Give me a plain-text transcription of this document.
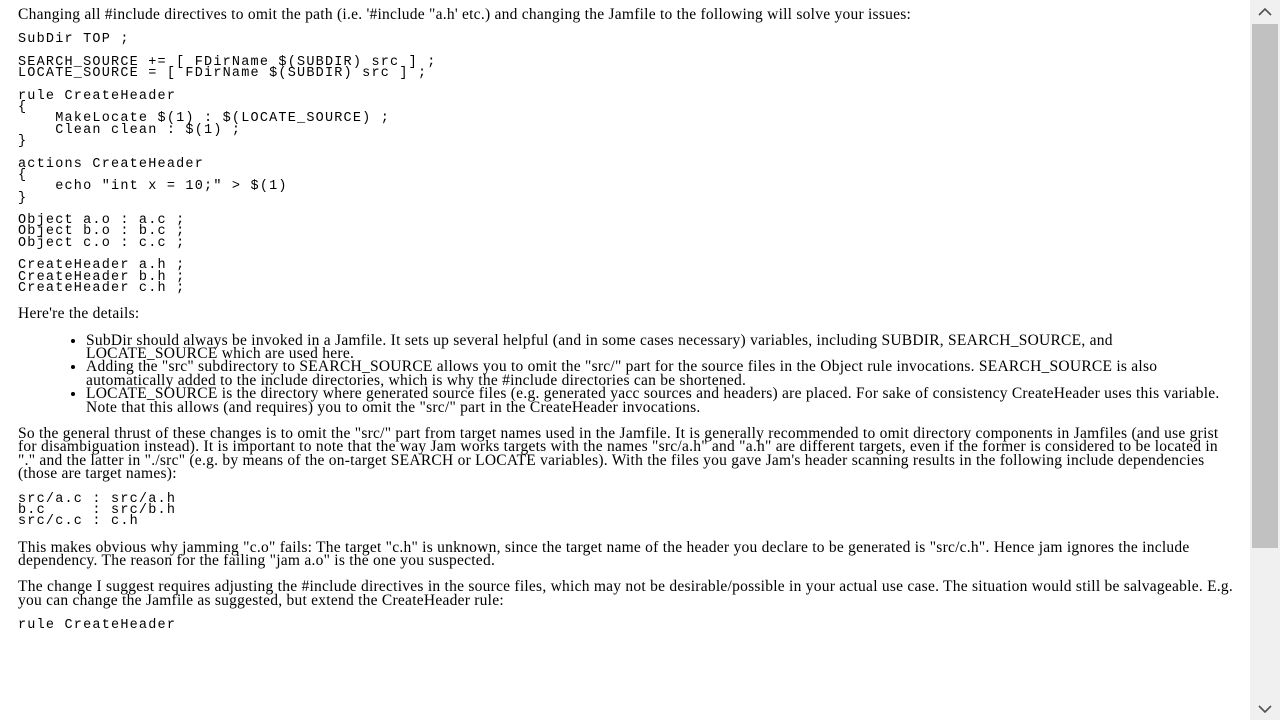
Changing all #include directives to omit the path (i.e. '#include "a.h' etc.) and changing the Jamfile to the following will solve your issues:

SubDir TOP ;

SEARCH_SOURCE += [ FDirName $(SUBDIR) src ] ;
LOCATE_SOURCE = [ FDirName $(SUBDIR) src ] ;

rule CreateHeader
{
MakeLocate $(1) : $(LOCATE_SOURCE) ;
Clean clean : $(1) ;
}

actions CreateHeader
{
echo "int x = 10;" > $(1)
}

Object a.o : a.c ;
Object b.o : b.c ;
Object c.o : c.c ;

CreateHeader a.h ;
CreateHeader b.h ;
CreateHeader c.h ;

Here're the details:

• SubDir should always be invoked in a Jamfile. It sets up several helpful (and in some cases necessary) variables, including SUBDIR, SEARCH_SOURCE, and LOCATE_SOURCE which are used here.
• Adding the "src" subdirectory to SEARCH_SOURCE allows you to omit the "src/" part for the source files in the Object rule invocations. SEARCH_SOURCE is also automatically added to the include directories, which is why the #include directories can be shortened.
• LOCATE_SOURCE is the directory where generated source files (e.g. generated yacc sources and headers) are placed. For sake of consistency CreateHeader uses this variable. Note that this allows (and requires) you to omit the "src/" part in the CreateHeader invocations.

So the general thrust of these changes is to omit the "src/" part from target names used in the Jamfile. It is generally recommended to omit directory components in Jamfiles (and use grist for disambiguation instead). It is important to note that the way Jam works targets with the names "src/a.h" and "a.h" are different targets, even if the former is considered to be located in "." and the latter in "./src" (e.g. by means of the on-target SEARCH or LOCATE variables). With the files you gave Jam's header scanning results in the following include dependencies (those are target names):

src/a.c : src/a.h
b.c     : src/b.h
src/c.c : c.h

This makes obvious why jamming "c.o" fails: The target "c.h" is unknown, since the target name of the header you declare to be generated is "src/c.h". Hence jam ignores the include dependency. The reason for the failing "jam a.o" is the one you suspected.

The change I suggest requires adjusting the #include directives in the source files, which may not be desirable/possible in your actual use case. The situation would still be salvageable. E.g. you can change the Jamfile as suggested, but extend the CreateHeader rule:

rule CreateHeader
